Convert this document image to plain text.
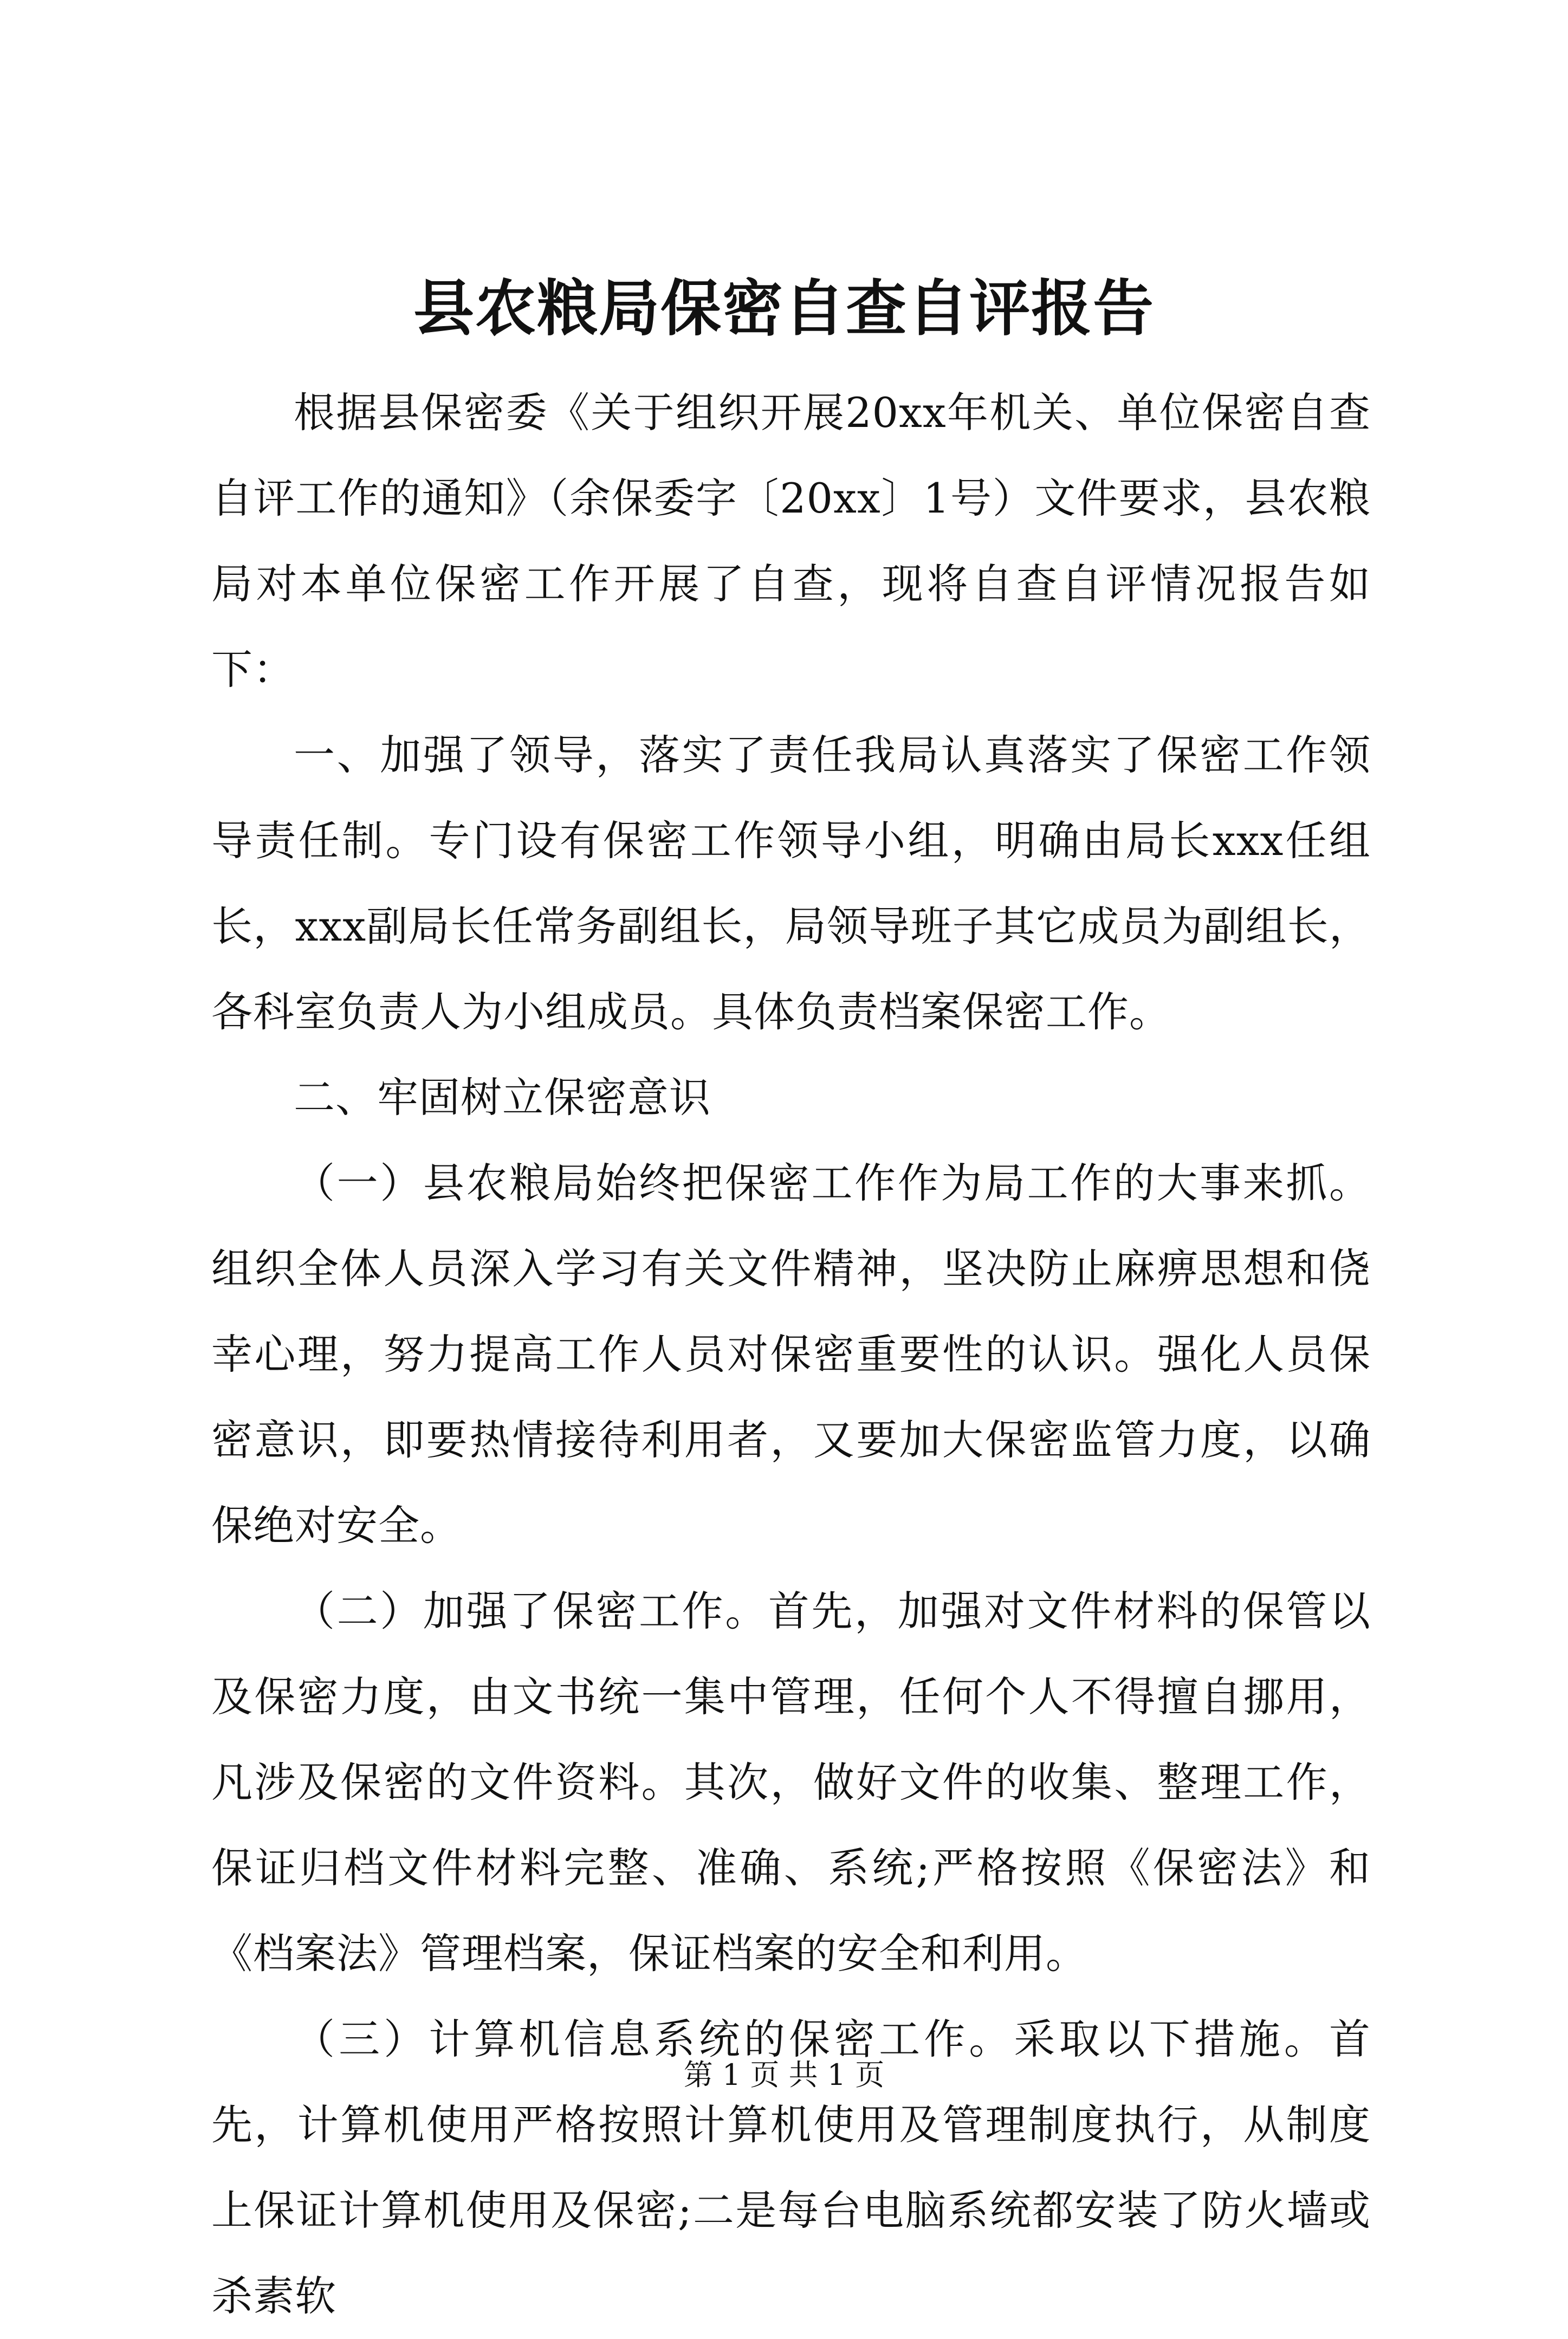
县农粮局保密自查自评报告

根据县保密委《关于组织开展20xx年机关、单位保密自查自评工作的通知》（余保委字〔20xx〕1号）文件要求，县农粮局对本单位保密工作开展了自查，现将自查自评情况报告如下：

一、加强了领导，落实了责任我局认真落实了保密工作领导责任制。专门设有保密工作领导小组，明确由局长xxx任组长，xxx副局长任常务副组长，局领导班子其它成员为副组长，各科室负责人为小组成员。具体负责档案保密工作。

二、牢固树立保密意识

（一）县农粮局始终把保密工作作为局工作的大事来抓。组织全体人员深入学习有关文件精神，坚决防止麻痹思想和侥幸心理，努力提高工作人员对保密重要性的认识。强化人员保密意识，即要热情接待利用者，又要加大保密监管力度，以确保绝对安全。

（二）加强了保密工作。首先，加强对文件材料的保管以及保密力度，由文书统一集中管理，任何个人不得擅自挪用，凡涉及保密的文件资料。其次，做好文件的收集、整理工作，保证归档文件材料完整、准确、系统;严格按照《保密法》和《档案法》管理档案，保证档案的安全和利用。

（三）计算机信息系统的保密工作。采取以下措施。首先，计算机使用严格按照计算机使用及管理制度执行，从制度上保证计算机使用及保密;二是每台电脑系统都安装了防火墙或杀素软

第 1 页 共 1 页
